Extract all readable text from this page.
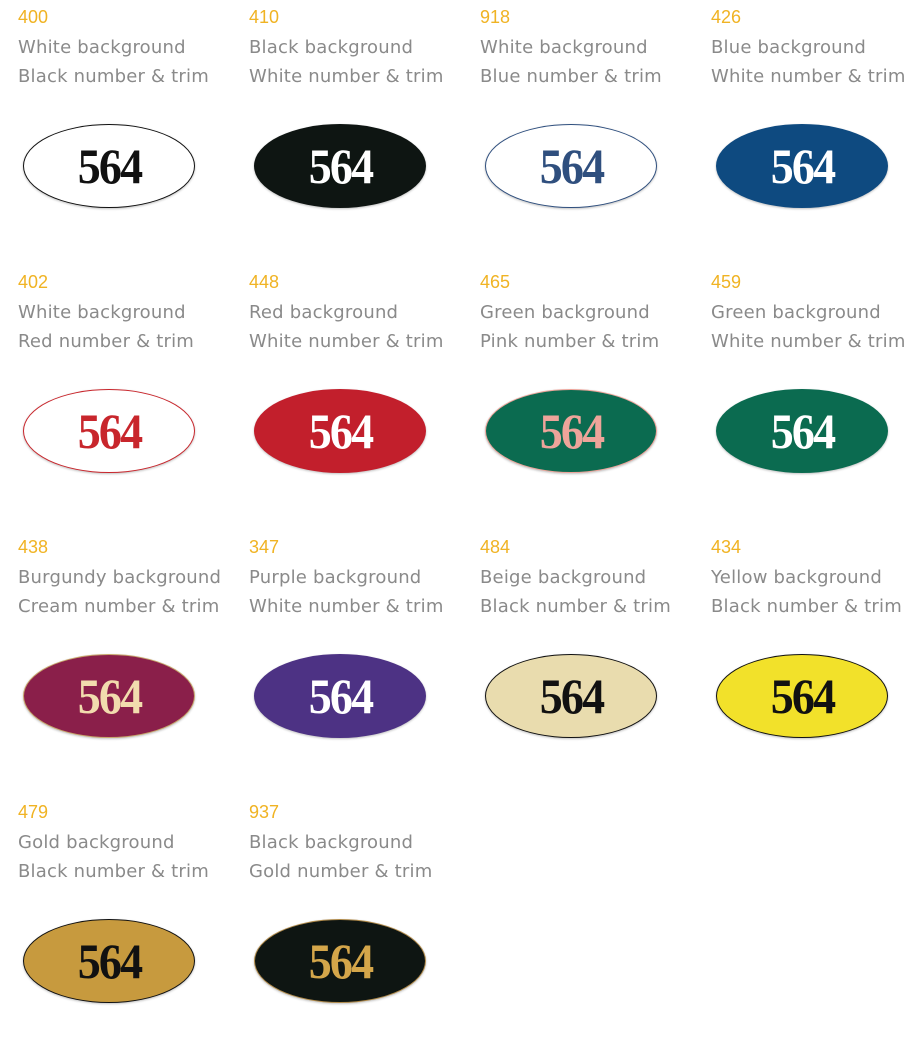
400
White background
Black number & trim
564
410
Black background
White number & trim
564
918
White background
Blue number & trim
564
426
Blue background
White number & trim
564
402
White background
Red number & trim
564
448
Red background
White number & trim
564
465
Green background
Pink number & trim
564
459
Green background
White number & trim
564
438
Burgundy background
Cream number & trim
564
347
Purple background
White number & trim
564
484
Beige background
Black number & trim
564
434
Yellow background
Black number & trim
564
479
Gold background
Black number & trim
564
937
Black background
Gold number & trim
564
